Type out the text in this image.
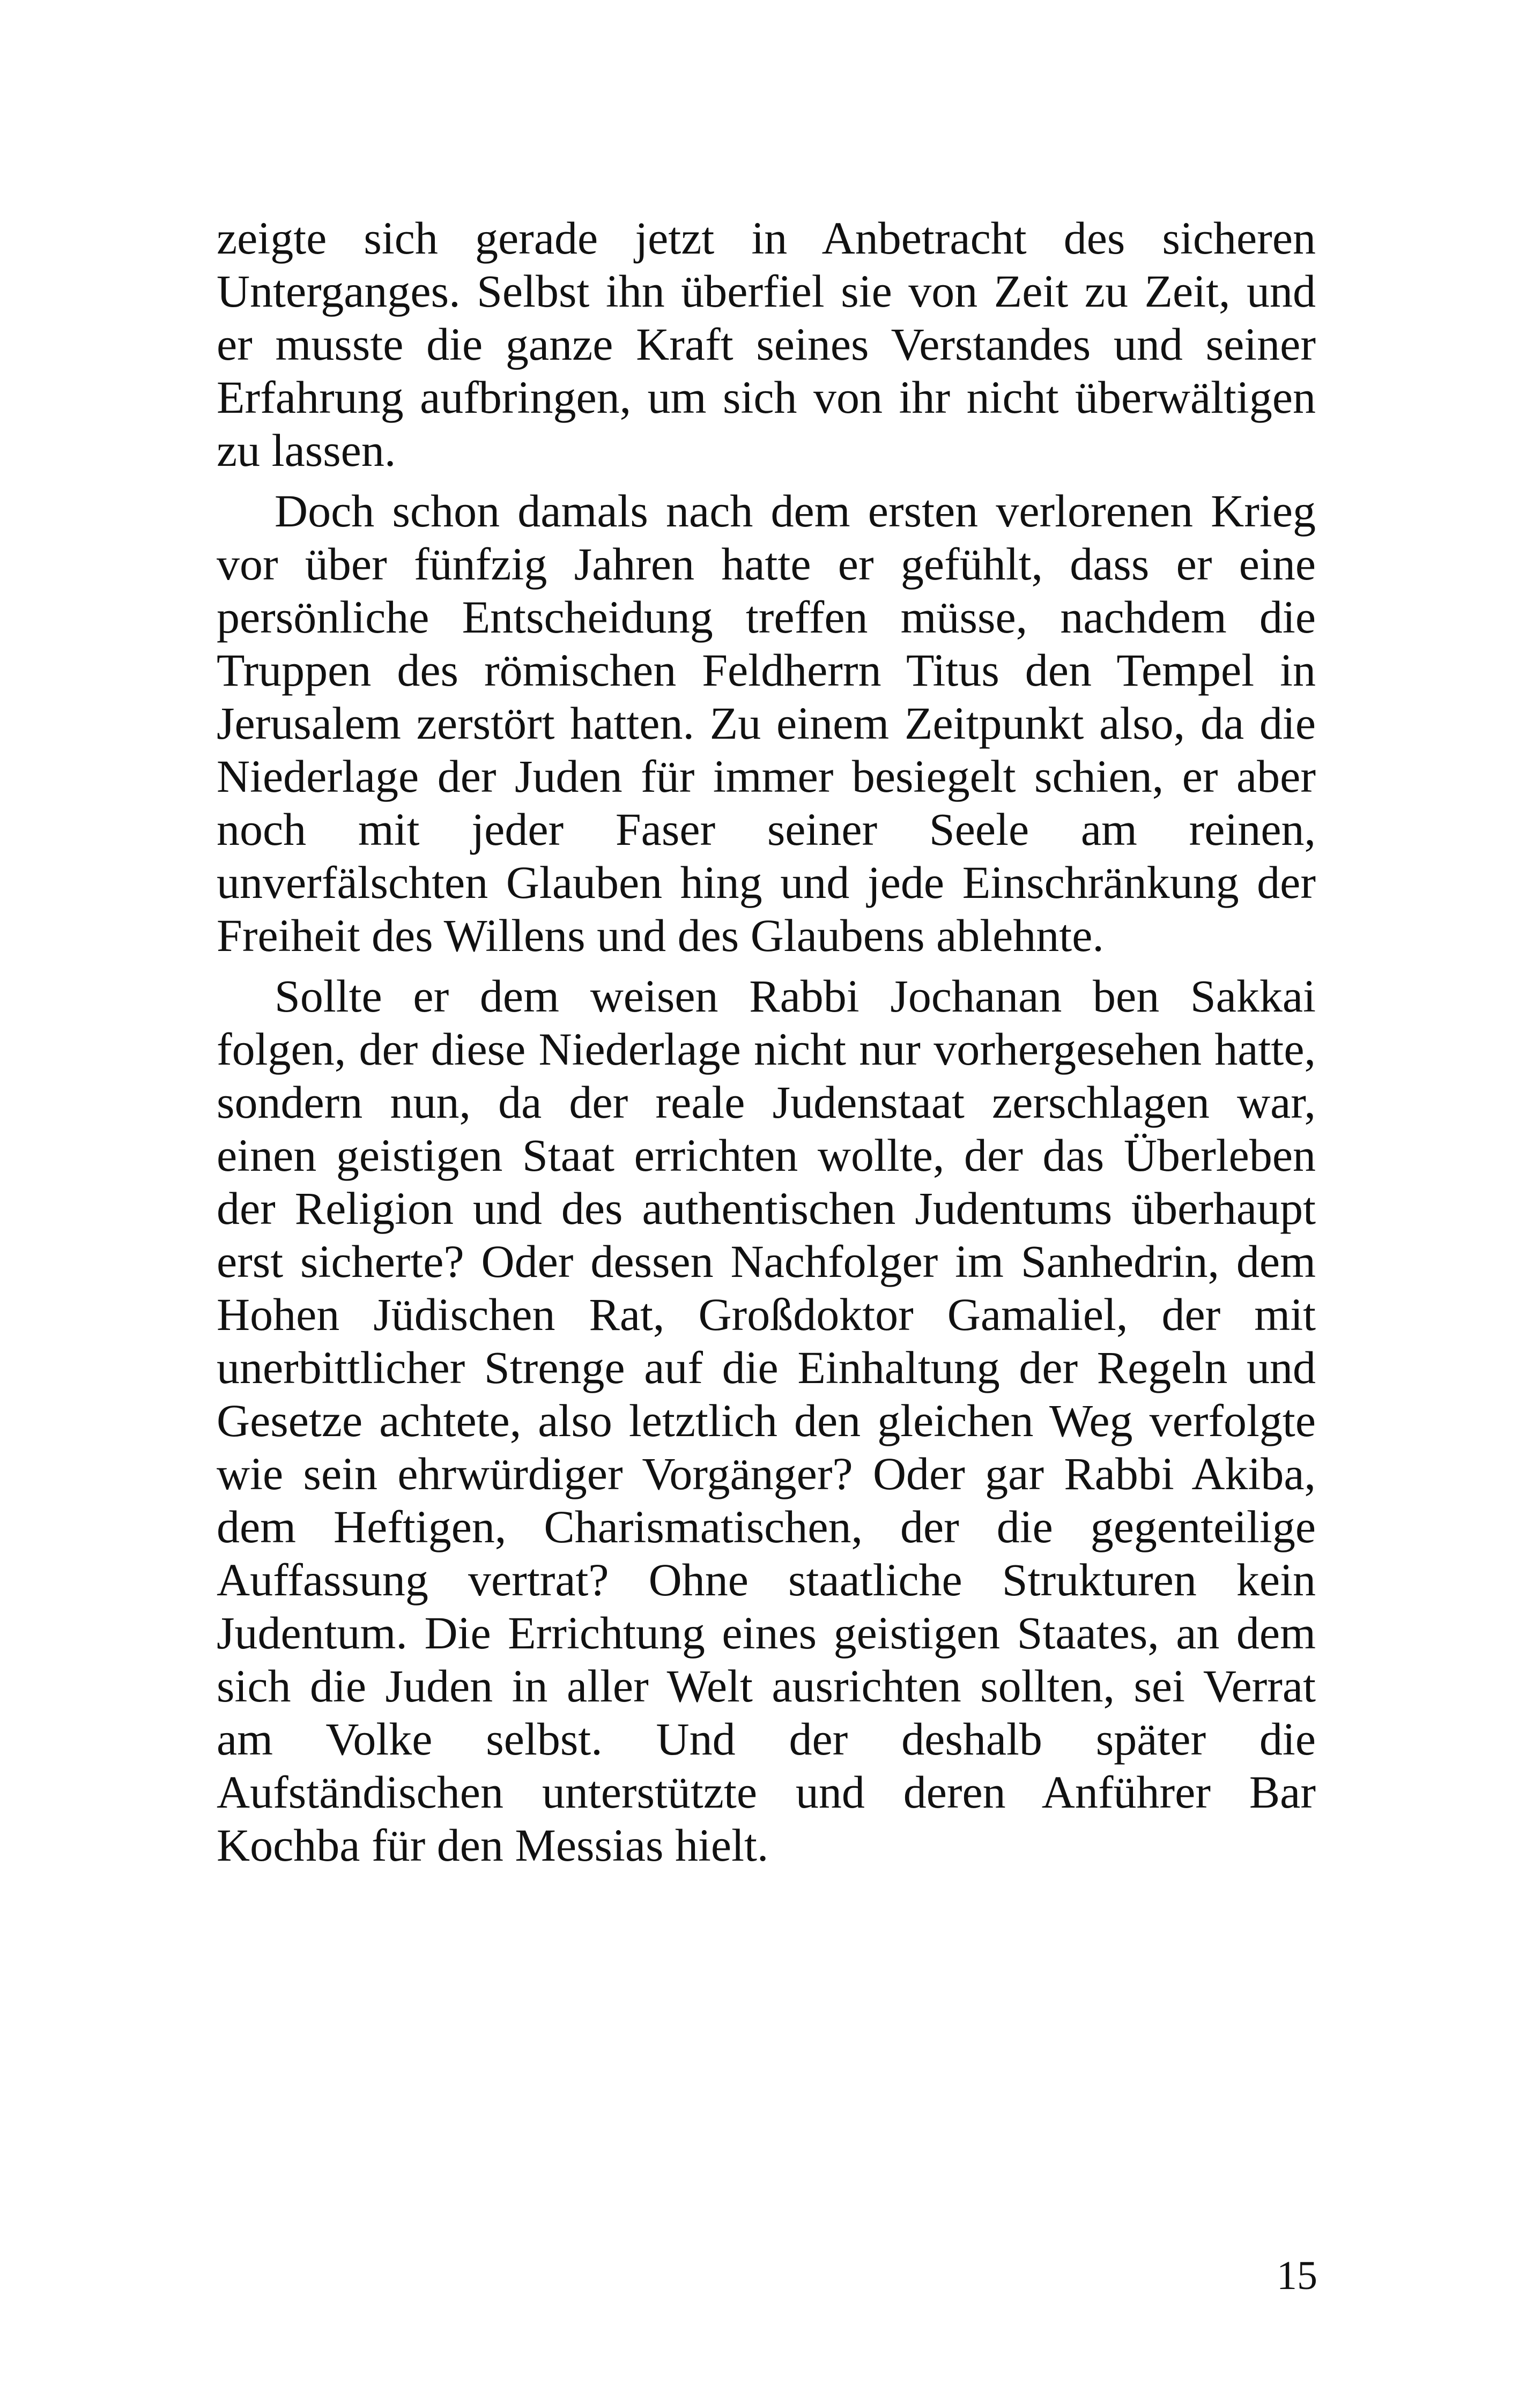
zeigte sich gerade jetzt in Anbetracht des sicheren Unterganges. Selbst ihn überfiel sie von Zeit zu Zeit, und er musste die ganze Kraft seines Verstandes und seiner Erfahrung aufbringen, um sich von ihr nicht überwältigen zu lassen.

Doch schon damals nach dem ersten verlorenen Krieg vor über fünfzig Jahren hatte er gefühlt, dass er eine persönliche Entscheidung treffen müsse, nachdem die Truppen des römischen Feldherrn Titus den Tempel in Jerusalem zerstört hatten. Zu einem Zeitpunkt also, da die Niederlage der Juden für immer besiegelt schien, er aber noch mit jeder Faser seiner Seele am reinen, unverfälschten Glauben hing und jede Einschränkung der Freiheit des Willens und des Glaubens ablehnte.

Sollte er dem weisen Rabbi Jochanan ben Sakkai folgen, der diese Niederlage nicht nur vorhergesehen hatte, sondern nun, da der reale Judenstaat zerschlagen war, einen geistigen Staat errichten wollte, der das Überleben der Religion und des authentischen Judentums überhaupt erst sicherte? Oder dessen Nachfolger im Sanhedrin, dem Hohen Jüdischen Rat, Großdoktor Gamaliel, der mit unerbittlicher Strenge auf die Einhaltung der Regeln und Gesetze achtete, also letztlich den gleichen Weg verfolgte wie sein ehrwürdiger Vorgänger? Oder gar Rabbi Akiba, dem Heftigen, Charismatischen, der die gegenteilige Auffassung vertrat? Ohne staatliche Strukturen kein Judentum. Die Errichtung eines geistigen Staates, an dem sich die Juden in aller Welt ausrichten sollten, sei Verrat am Volke selbst. Und der deshalb später die Aufständischen unterstützte und deren Anführer Bar Kochba für den Messias hielt.

15
